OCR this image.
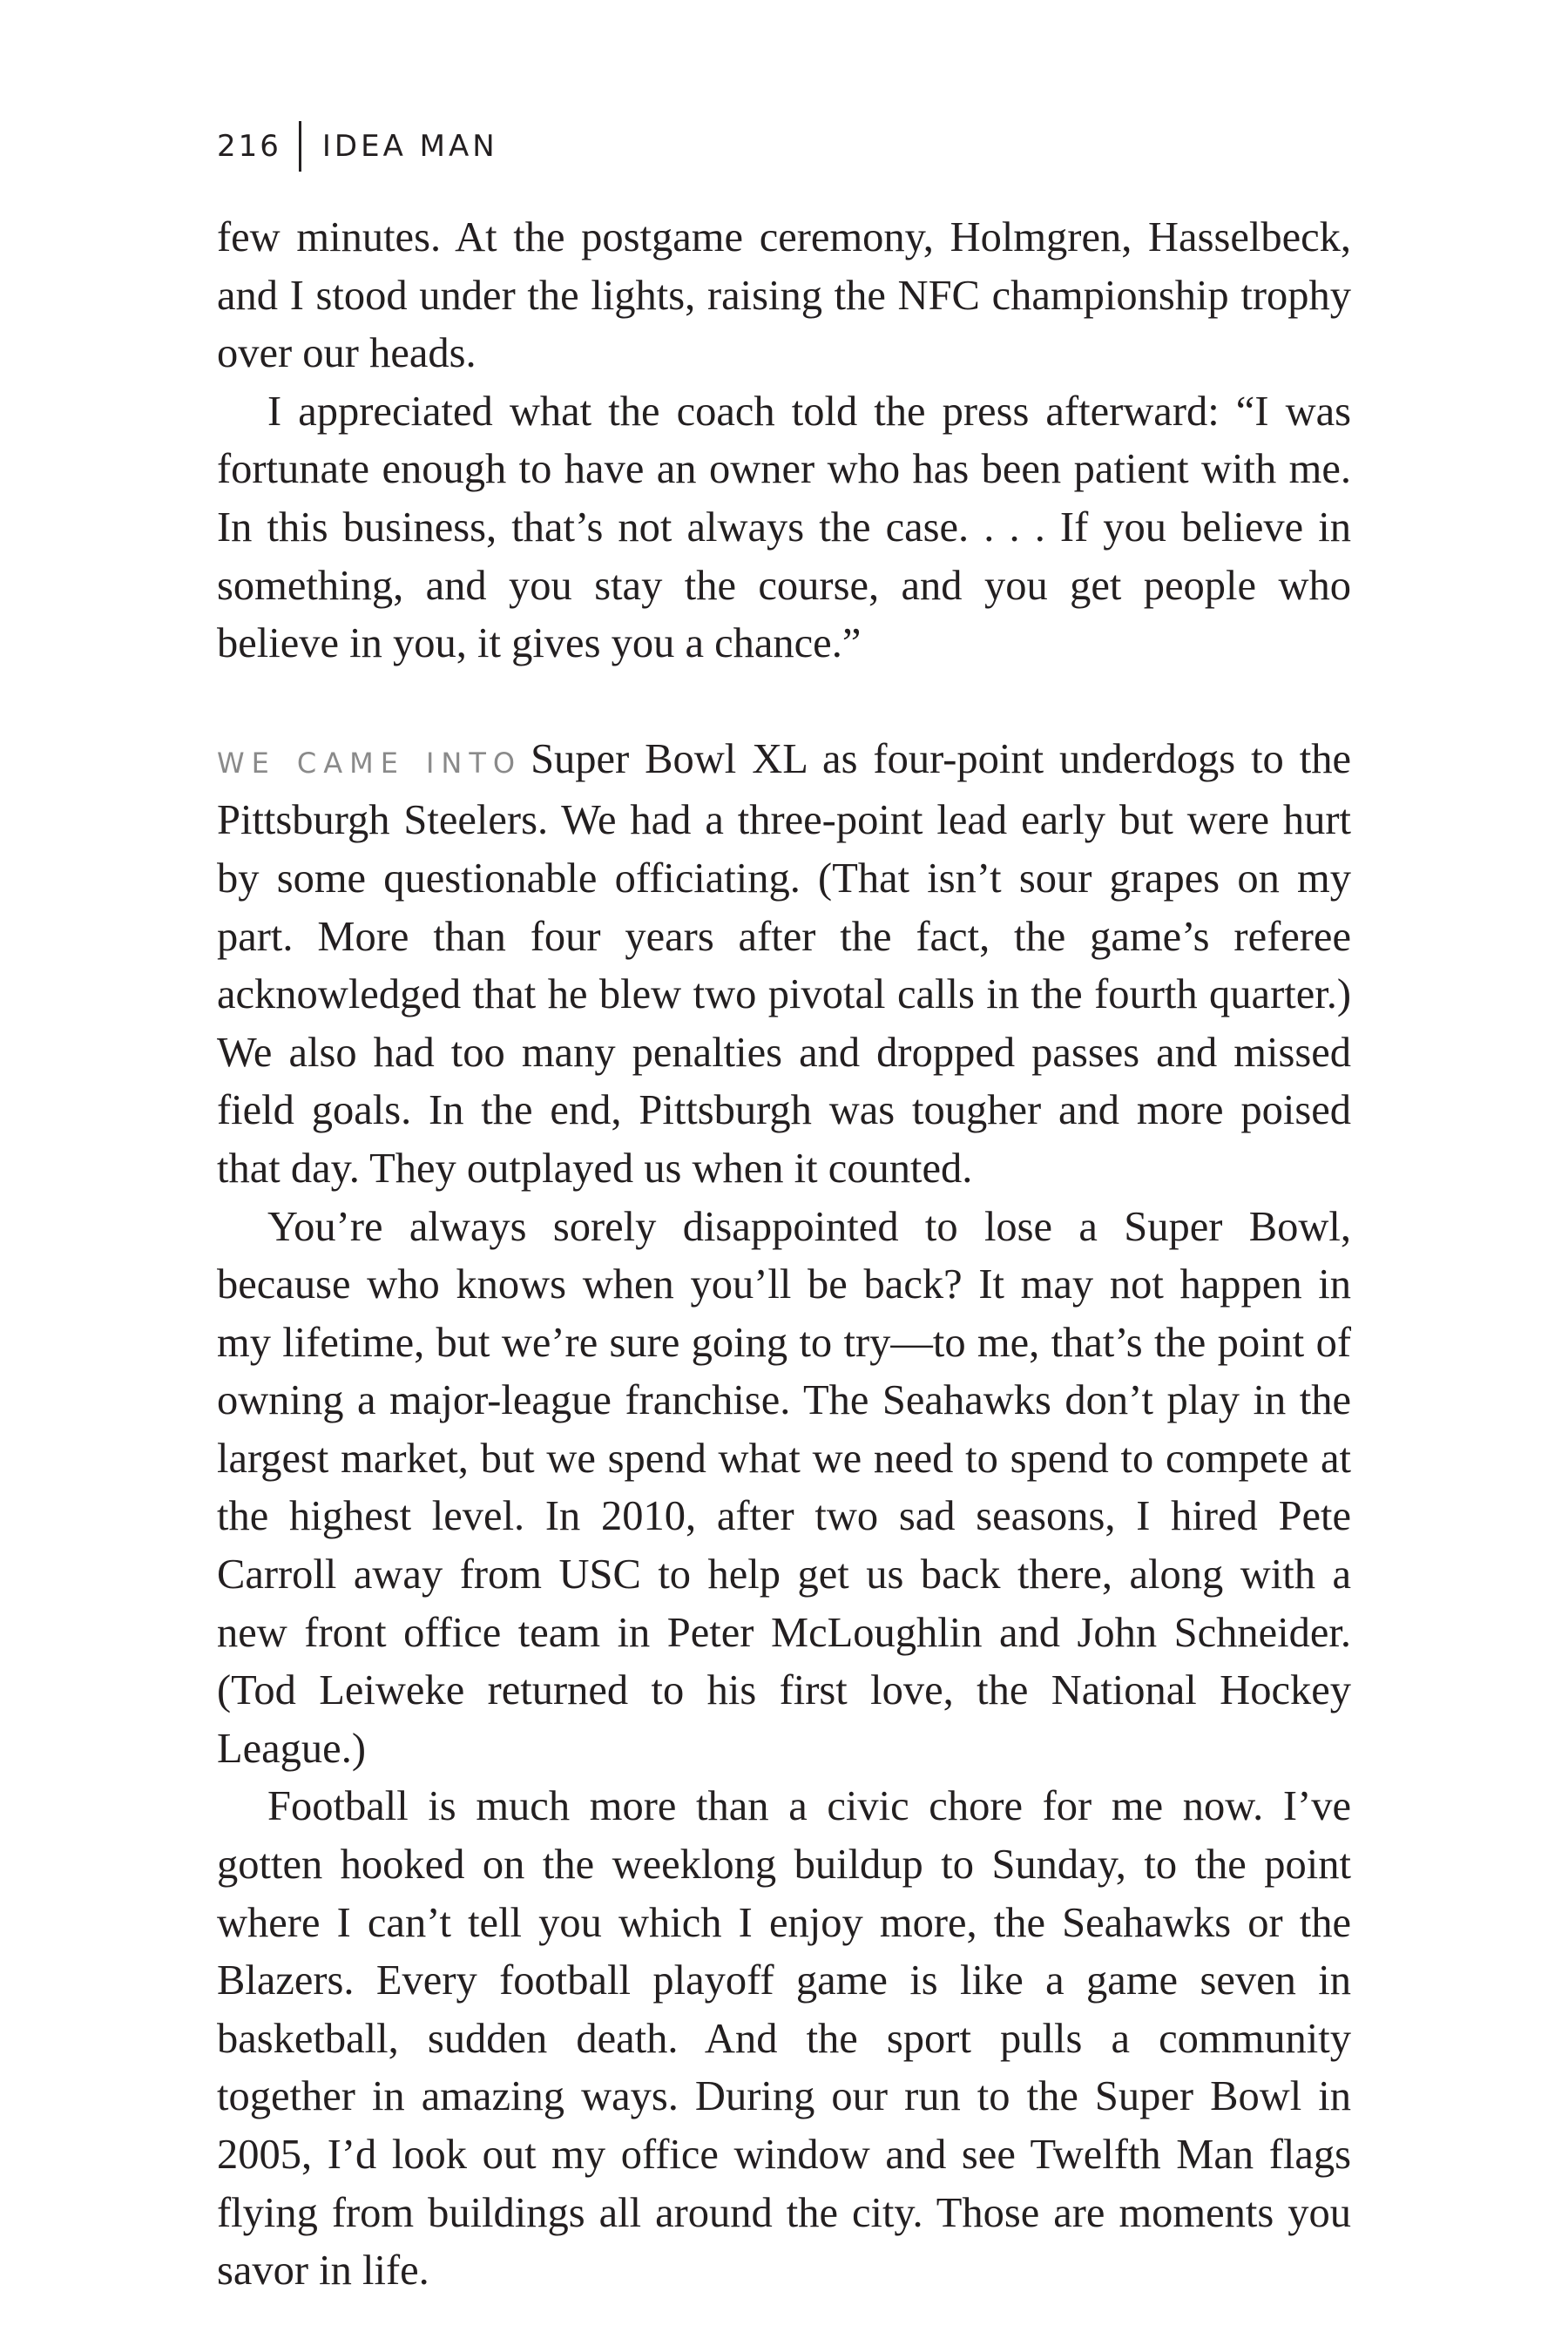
216 IDEA MAN

few minutes. At the postgame ceremony, Holmgren, Hasselbeck, and I stood under the lights, raising the NFC championship trophy over our heads.

I appreciated what the coach told the press afterward: “I was fortunate enough to have an owner who has been patient with me. In this business, that’s not always the case. . . . If you believe in something, and you stay the course, and you get people who believe in you, it gives you a chance.”

WE CAME INTO Super Bowl XL as four-point underdogs to the Pittsburgh Steelers. We had a three-point lead early but were hurt by some questionable officiating. (That isn’t sour grapes on my part. More than four years after the fact, the game’s referee acknowledged that he blew two pivotal calls in the fourth quarter.) We also had too many penalties and dropped passes and missed field goals. In the end, Pittsburgh was tougher and more poised that day. They outplayed us when it counted.

You’re always sorely disappointed to lose a Super Bowl, because who knows when you’ll be back? It may not happen in my lifetime, but we’re sure going to try—to me, that’s the point of owning a major-league franchise. The Seahawks don’t play in the largest market, but we spend what we need to spend to compete at the highest level. In 2010, after two sad seasons, I hired Pete Carroll away from USC to help get us back there, along with a new front office team in Peter McLoughlin and John Schneider. (Tod Leiweke returned to his first love, the National Hockey League.)

Football is much more than a civic chore for me now. I’ve gotten hooked on the weeklong buildup to Sunday, to the point where I can’t tell you which I enjoy more, the Seahawks or the Blazers. Every football playoff game is like a game seven in basketball, sudden death. And the sport pulls a community together in amazing ways. During our run to the Super Bowl in 2005, I’d look out my office window and see Twelfth Man flags flying from buildings all around the city. Those are moments you savor in life.
